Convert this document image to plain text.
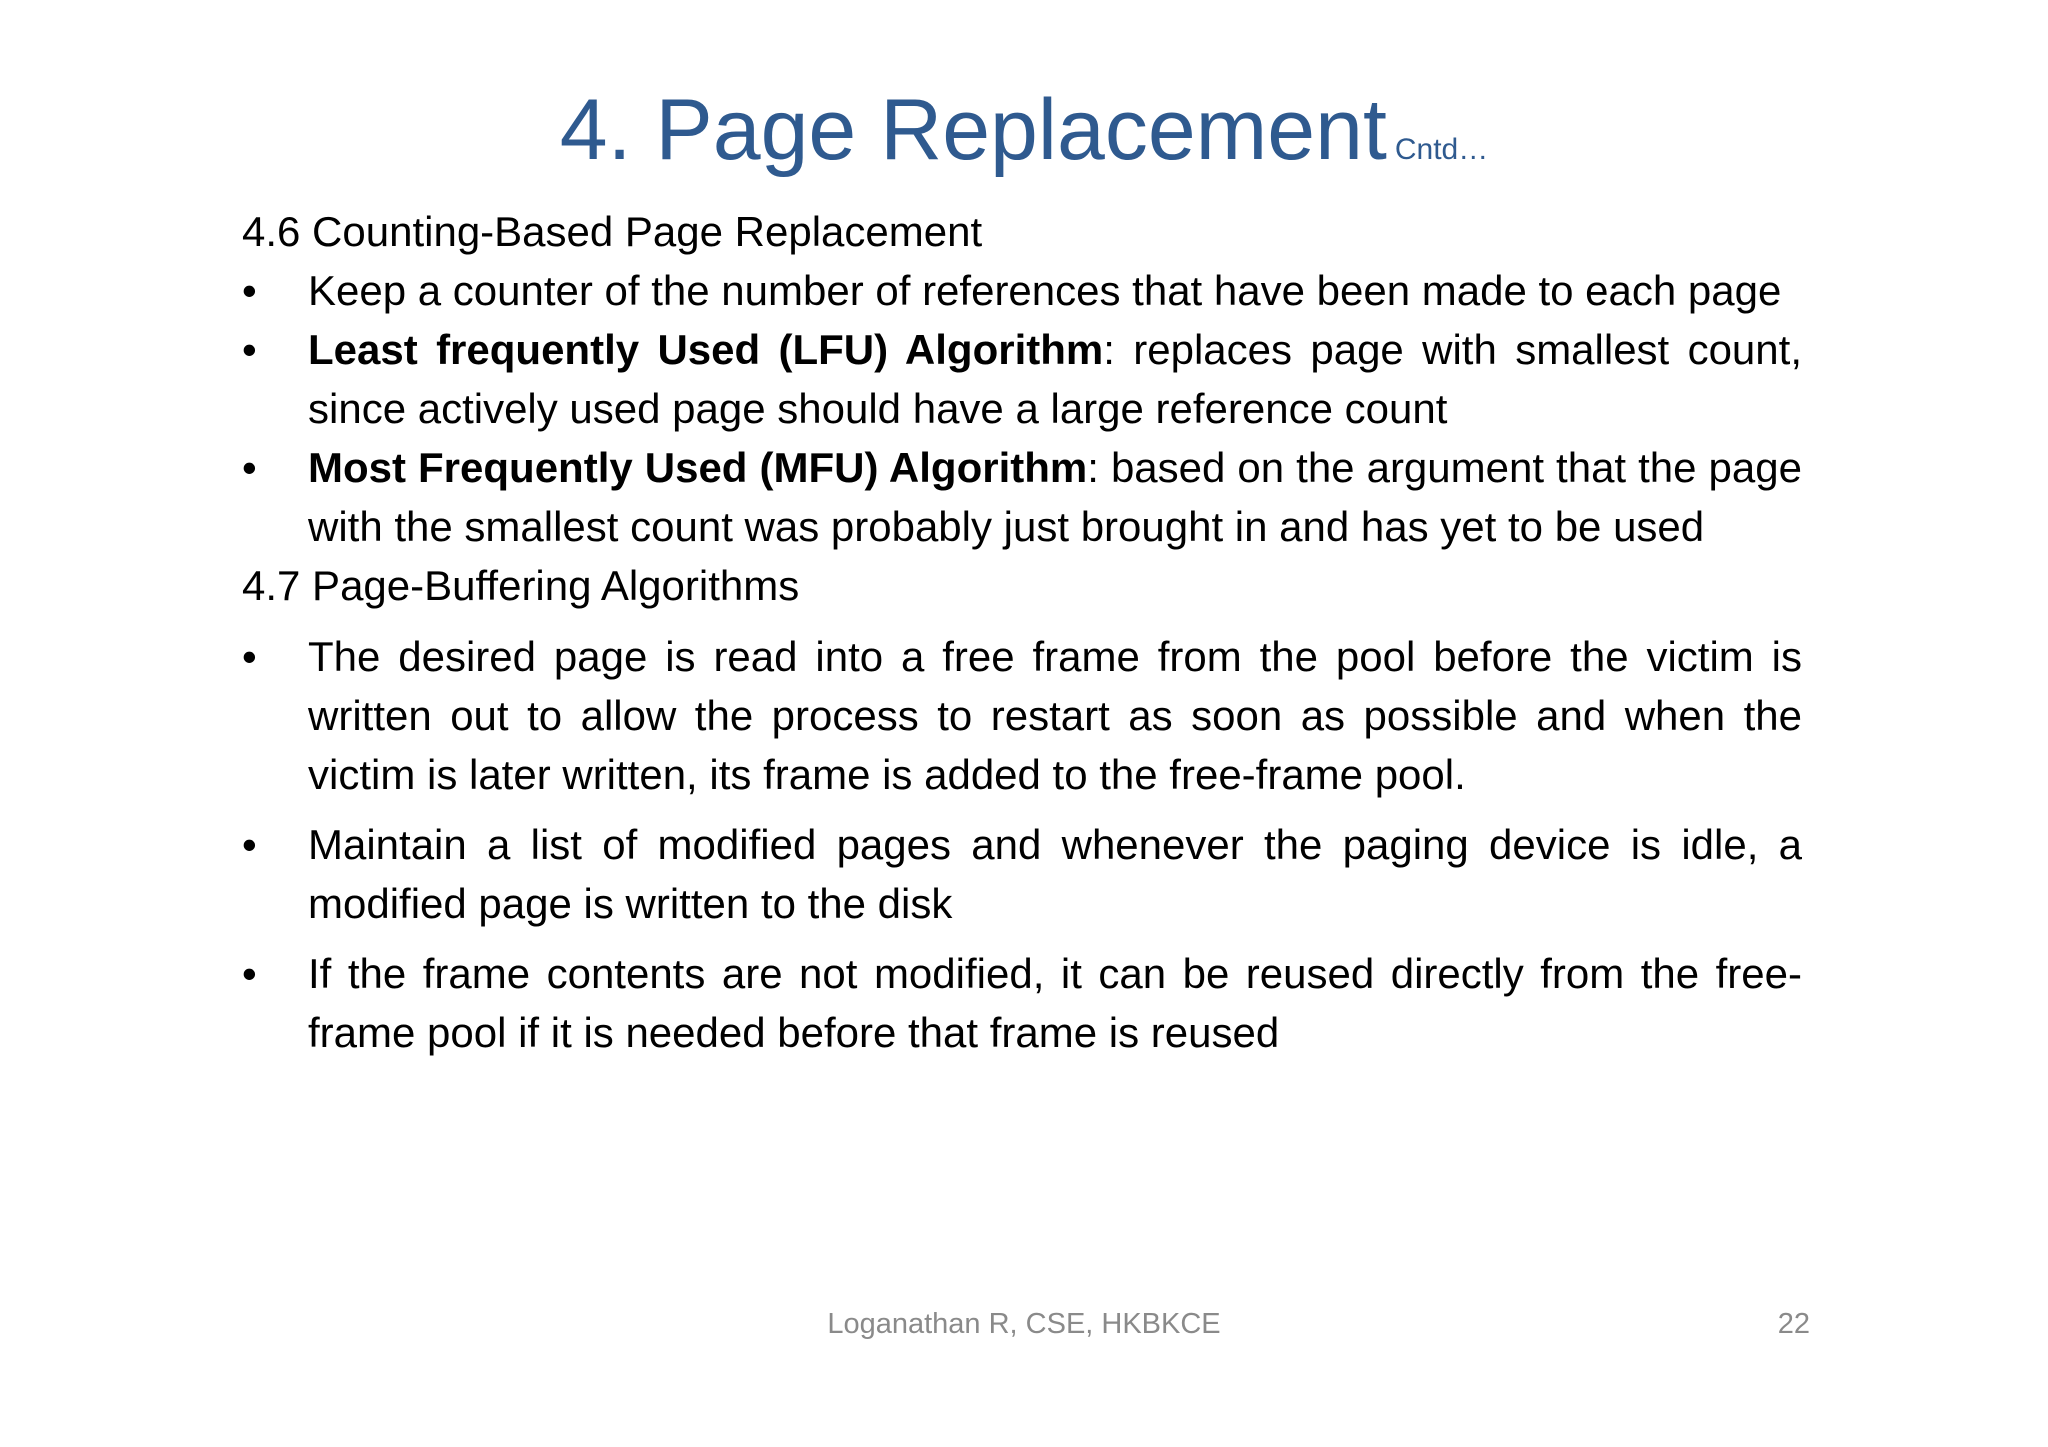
4. Page Replacement Cntd…
4.6 Counting-Based Page Replacement
• Keep a counter of the number of references that have been made to each page
• Least frequently Used (LFU) Algorithm: replaces page with smallest count, since actively used page should have a large reference count
• Most Frequently Used (MFU) Algorithm: based on the argument that the page with the smallest count was probably just brought in and has yet to be used
4.7 Page-Buffering Algorithms
• The desired page is read into a free frame from the pool before the victim is written out to allow the process to restart as soon as possible and when the victim is later written, its frame is added to the free-frame pool.
• Maintain a list of modified pages and whenever the paging device is idle, a modified page is written to the disk
• If the frame contents are not modified, it can be reused directly from the free-frame pool if it is needed before that frame is reused
Loganathan R, CSE, HKBKCE	22
